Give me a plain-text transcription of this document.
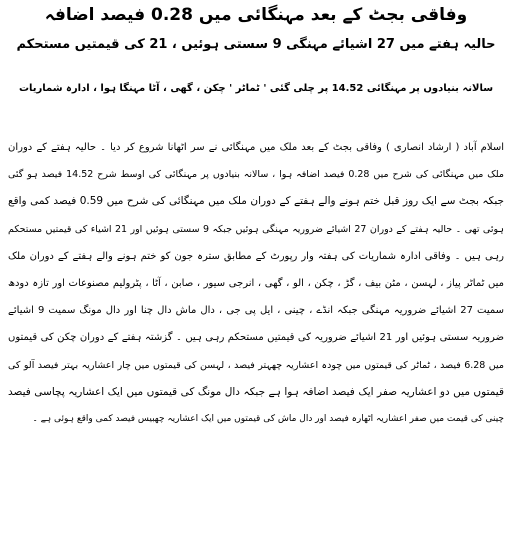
وفاقی بجٹ کے بعد مہنگائی میں 0.28 فیصد اضافہ
حالیہ ہفتے میں 27 اشیائے مہنگی 9 سستی ہوئیں ، 21 کی قیمتیں مستحکم
سالانہ بنیادوں پر مہنگائی 14.52 پر چلی گئی ' ٹماٹر ' چکن ، گھی ، آٹا مہنگا ہوا ، ادارہ شماریات
اسلام آباد ( ارشاد انصاری ) وفاقی بجٹ کے بعد ملک میں مہنگائی نے سر اٹھانا شروع کر دیا ۔ حالیہ ہفتے کے دوران
ملک میں مہنگائی کی شرح میں 0.28 فیصد اضافہ ہوا ، سالانہ بنیادوں پر مہنگائی کی اوسط شرح 14.52 فیصد ہو گئی
جبکہ بجٹ سے ایک روز قبل ختم ہونے والے ہفتے کے دوران ملک میں مہنگائی کی شرح میں 0.59 فیصد کمی واقع
ہوئی تھی ۔ حالیہ ہفتے کے دوران 27 اشیائے ضروریہ مہنگی ہوئیں جبکہ 9 سستی ہوئیں اور 21 اشیاء کی قیمتیں مستحکم
رہی ہیں ۔ وفاقی ادارہ شماریات کی ہفتہ وار رپورٹ کے مطابق سترہ جون کو ختم ہونے والے ہفتے کے دوران ملک
میں ٹماٹر پیاز ، لہسن ، مٹن بیف ، گڑ ، چکن ، الو ، گھی ، انرجی سیور ، صابن ، آٹا ، پٹرولیم مصنوعات اور تازہ دودھ
سمیت 27 اشیائے ضروریہ مہنگی جبکہ انڈے ، چینی ، ایل پی جی ، دال ماش دال چنا اور دال مونگ سمیت 9 اشیائے
ضروریہ سستی ہوئیں اور 21 اشیائے ضروریہ کی قیمتیں مستحکم رہی ہیں ۔ گزشتہ ہفتے کے دوران چکن کی قیمتوں
میں 6.28 فیصد ، ٹماٹر کی قیمتوں میں چودہ اعشاریہ چھہتر فیصد ، لہسن کی قیمتوں میں چار اعشاریہ بہتر فیصد آلو کی
قیمتوں میں دو اعشاریہ صفر ایک فیصد اضافہ ہوا ہے جبکہ دال مونگ کی قیمتوں میں ایک اعشاریہ پچاسی فیصد
چینی کی قیمت میں صفر اعشاریہ اٹھارہ فیصد اور دال ماش کی قیمتوں میں ایک اعشاریہ چھبیس فیصد کمی واقع ہوئی ہے ۔
